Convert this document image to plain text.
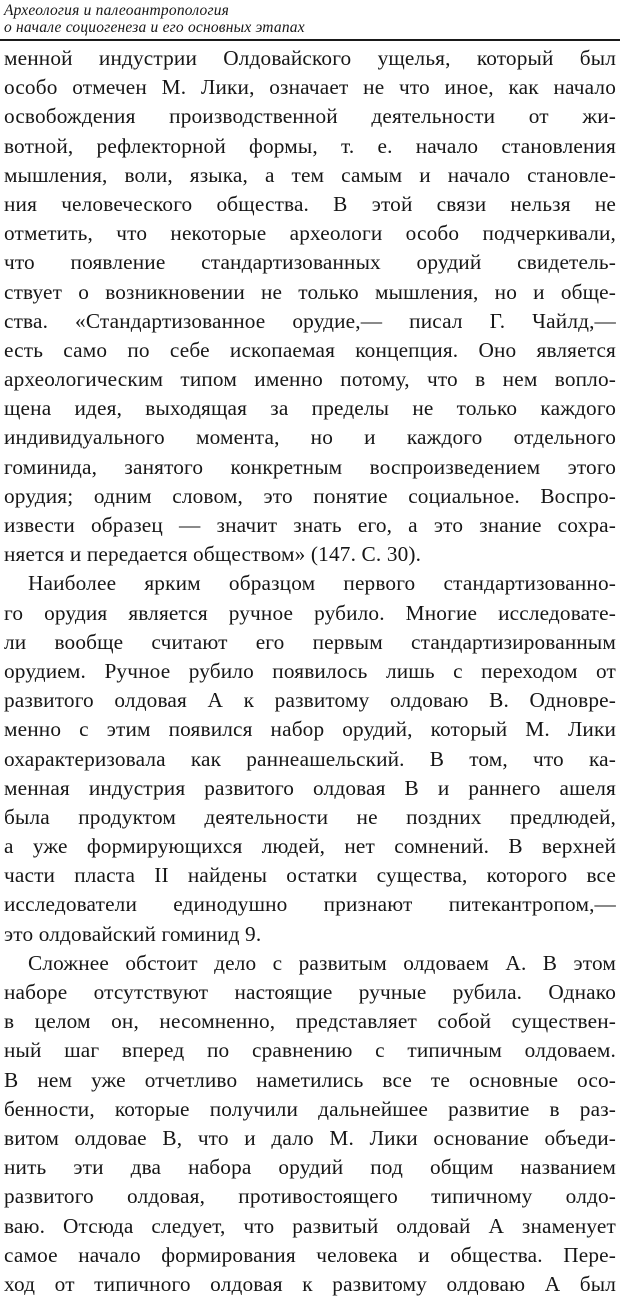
Археология и палеоантропология
о начале социогенеза и его основных этапах
менной индустрии Олдовайского ущелья, который был
особо отмечен М. Лики, означает не что иное, как начало
освобождения производственной деятельности от жи-
вотной, рефлекторной формы, т. е. начало становления
мышления, воли, языка, а тем самым и начало становле-
ния человеческого общества. В этой связи нельзя не
отметить, что некоторые археологи особо подчеркивали,
что появление стандартизованных орудий свидетель-
ствует о возникновении не только мышления, но и обще-
ства. «Стандартизованное орудие,— писал Г. Чайлд,—
есть само по себе ископаемая концепция. Оно является
археологическим типом именно потому, что в нем вопло-
щена идея, выходящая за пределы не только каждого
индивидуального момента, но и каждого отдельного
гоминида, занятого конкретным воспроизведением этого
орудия; одним словом, это понятие социальное. Воспро-
извести образец — значит знать его, а это знание сохра-
няется и передается обществом» (147. С. 30).
Наиболее ярким образцом первого стандартизованно-
го орудия является ручное рубило. Многие исследовате-
ли вообще считают его первым стандартизированным
орудием. Ручное рубило появилось лишь с переходом от
развитого олдовая А к развитому олдоваю В. Одновре-
менно с этим появился набор орудий, который М. Лики
охарактеризовала как раннеашельский. В том, что ка-
менная индустрия развитого олдовая В и раннего ашеля
была продуктом деятельности не поздних предлюдей,
а уже формирующихся людей, нет сомнений. В верхней
части пласта II найдены остатки существа, которого все
исследователи единодушно признают питекантропом,—
это олдовайский гоминид 9.
Сложнее обстоит дело с развитым олдоваем А. В этом
наборе отсутствуют настоящие ручные рубила. Однако
в целом он, несомненно, представляет собой существен-
ный шаг вперед по сравнению с типичным олдоваем.
В нем уже отчетливо наметились все те основные осо-
бенности, которые получили дальнейшее развитие в раз-
витом олдовае В, что и дало М. Лики основание объеди-
нить эти два набора орудий под общим названием
развитого олдовая, противостоящего типичному олдо-
ваю. Отсюда следует, что развитый олдовай А знаменует
самое начало формирования человека и общества. Пере-
ход от типичного олдовая к развитому олдоваю А был
